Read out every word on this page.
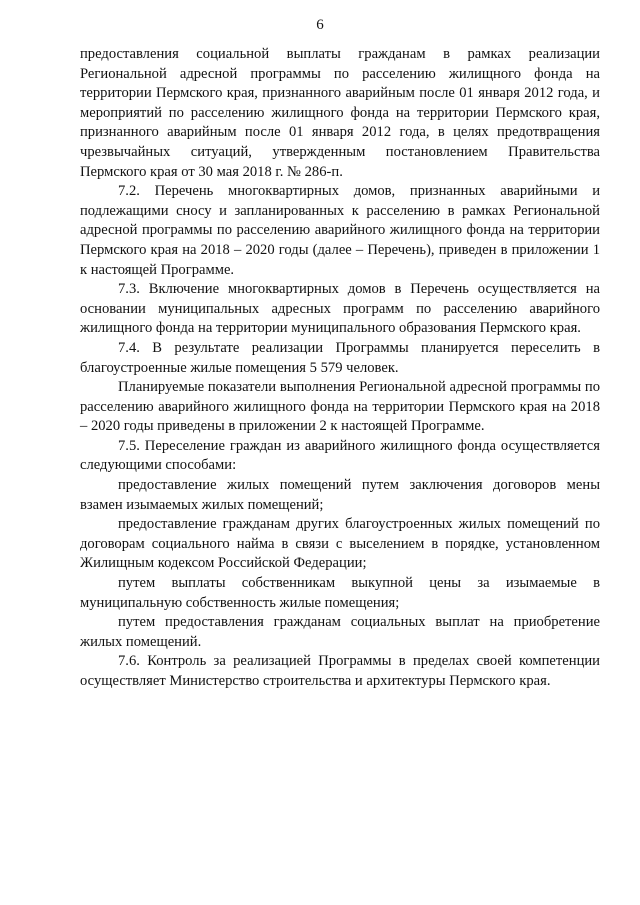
6

предоставления социальной выплаты гражданам в рамках реализации Региональной адресной программы по расселению жилищного фонда на территории Пермского края, признанного аварийным после 01 января 2012 года, и мероприятий по расселению жилищного фонда на территории Пермского края, признанного аварийным после 01 января 2012 года, в целях предотвращения чрезвычайных ситуаций, утвержденным постановлением Правительства Пермского края от 30 мая 2018 г. № 286-п.

7.2. Перечень многоквартирных домов, признанных аварийными и подлежащими сносу и запланированных к расселению в рамках Региональной адресной программы по расселению аварийного жилищного фонда на территории Пермского края на 2018 – 2020 годы (далее – Перечень), приведен в приложении 1 к настоящей Программе.

7.3. Включение многоквартирных домов в Перечень осуществляется на основании муниципальных адресных программ по расселению аварийного жилищного фонда на территории муниципального образования Пермского края.

7.4. В результате реализации Программы планируется переселить в благоустроенные жилые помещения 5 579 человек.

Планируемые показатели выполнения Региональной адресной программы по расселению аварийного жилищного фонда на территории Пермского края на 2018 – 2020 годы приведены в приложении 2 к настоящей Программе.

7.5. Переселение граждан из аварийного жилищного фонда осуществляется следующими способами:

предоставление жилых помещений путем заключения договоров мены взамен изымаемых жилых помещений;

предоставление гражданам других благоустроенных жилых помещений по договорам социального найма в связи с выселением в порядке, установленном Жилищным кодексом Российской Федерации;

путем выплаты собственникам выкупной цены за изымаемые в муниципальную собственность жилые помещения;

путем предоставления гражданам социальных выплат на приобретение жилых помещений.

7.6. Контроль за реализацией Программы в пределах своей компетенции осуществляет Министерство строительства и архитектуры Пермского края.
